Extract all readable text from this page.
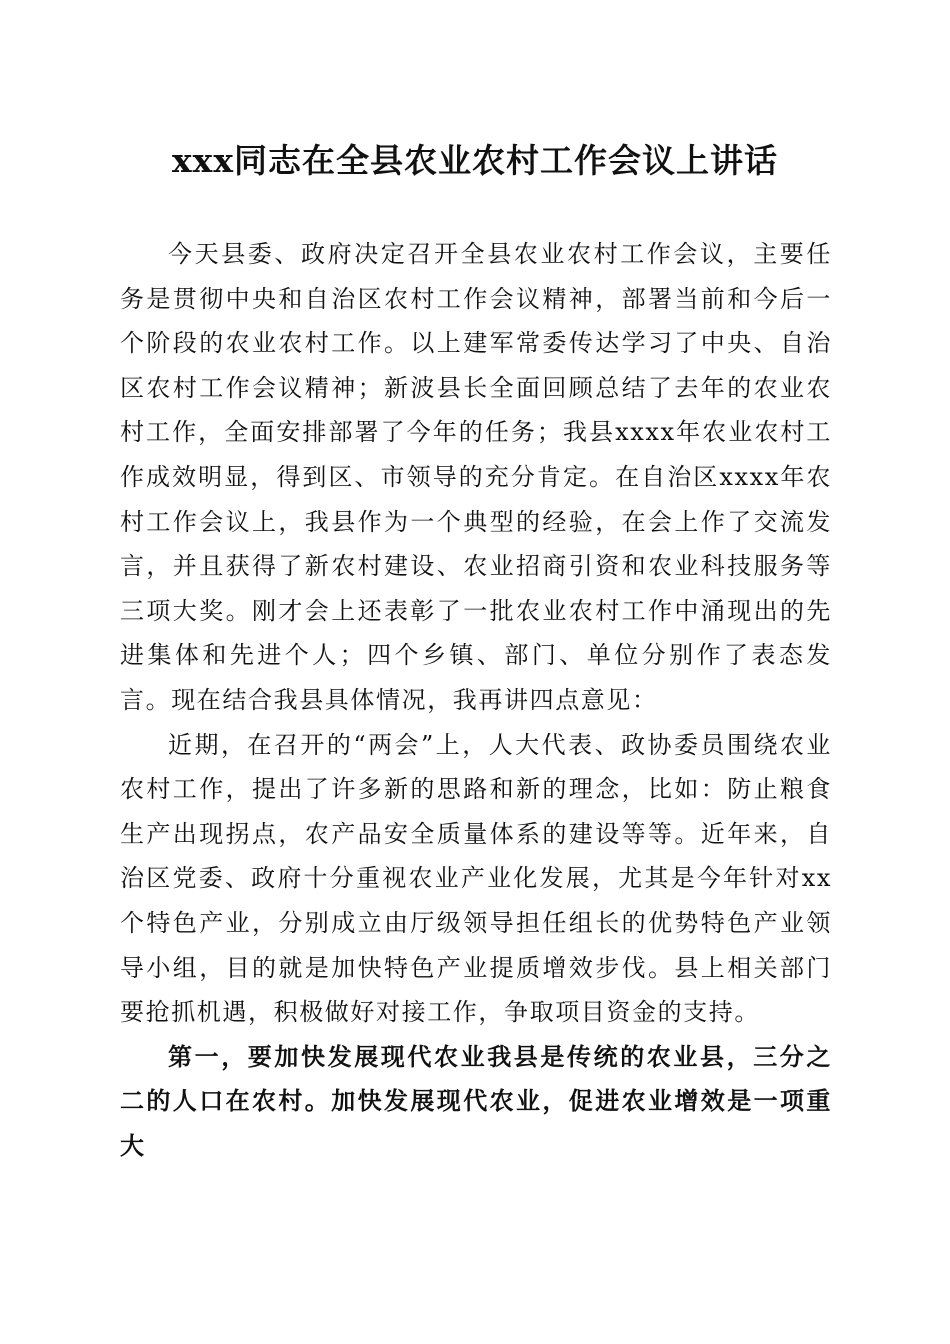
xxx同志在全县农业农村工作会议上讲话

今天县委、政府决定召开全县农业农村工作会议，主要任务是贯彻中央和自治区农村工作会议精神，部署当前和今后一个阶段的农业农村工作。以上建军常委传达学习了中央、自治区农村工作会议精神；新波县长全面回顾总结了去年的农业农村工作，全面安排部署了今年的任务；我县xxxx年农业农村工作成效明显，得到区、市领导的充分肯定。在自治区xxxx年农村工作会议上，我县作为一个典型的经验，在会上作了交流发言，并且获得了新农村建设、农业招商引资和农业科技服务等三项大奖。刚才会上还表彰了一批农业农村工作中涌现出的先进集体和先进个人；四个乡镇、部门、单位分别作了表态发言。现在结合我县具体情况，我再讲四点意见：

近期，在召开的“两会”上，人大代表、政协委员围绕农业农村工作，提出了许多新的思路和新的理念，比如：防止粮食生产出现拐点，农产品安全质量体系的建设等等。近年来，自治区党委、政府十分重视农业产业化发展，尤其是今年针对xx个特色产业，分别成立由厅级领导担任组长的优势特色产业领导小组，目的就是加快特色产业提质增效步伐。县上相关部门要抢抓机遇，积极做好对接工作，争取项目资金的支持。

第一，要加快发展现代农业我县是传统的农业县，三分之二的人口在农村。加快发展现代农业，促进农业增效是一项重大
